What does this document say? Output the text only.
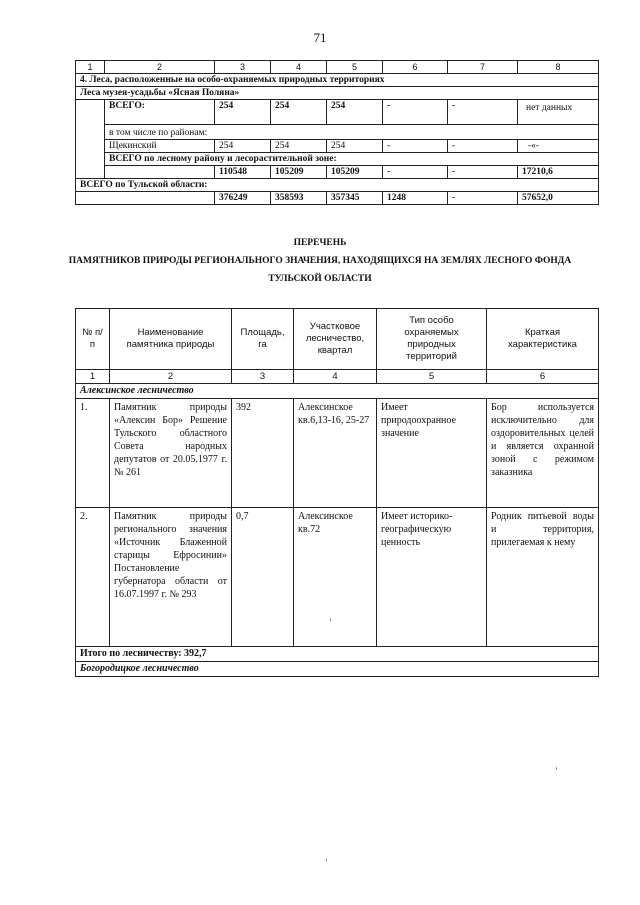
71
1	2	3	4	5	6	7	8
4. Леса, расположенные на особо-охраняемых природных территориях							
Леса музея-усадьбы «Ясная Поляна»							
	ВСЕГО:	254	254	254	-	-	нет данных
	в том числе по районам:						
	Щекинский	254	254	254	-	-	-«-
	ВСЕГО по лесному району и лесорастительной зоне:						
		110548	105209	105209	-	-	17210,6
ВСЕГО по Тульской области:							
		376249	358593	357345	1248	-	57652,0
ПЕРЕЧЕНЬ
ПАМЯТНИКОВ ПРИРОДЫ РЕГИОНАЛЬНОГО ЗНАЧЕНИЯ, НАХОДЯЩИХСЯ НА ЗЕМЛЯХ ЛЕСНОГО ФОНДА
ТУЛЬСКОЙ ОБЛАСТИ
№ п/п	Наименование памятника природы	Площадь, га	Участковое лесничество, квартал	Тип особо охраняемых природных территорий	Краткая характеристика
1	2	3	4	5	6
Алексинское лесничество					
1.	Памятник природы «Алексин Бор» Решение Тульского областного Совета народных депутатов от 20.05.1977 г. № 261	392	Алексинское кв.6,13-16, 25-27	Имеет природоохранное значение	Бор используется исключительно для оздоровительных целей и является охранной зоной с режимом заказника
2.	Памятник природы регионального значения «Источник Блаженной старицы Ефросинии» Постановление губернатора области от 16.07.1997 г. № 293	0,7	Алексинское кв.72	Имеет историко-географическую ценность	Родник питьевой воды и территория, прилегаемая к нему
Итого по лесничеству: 392,7					
Богородицкое лесничество					
